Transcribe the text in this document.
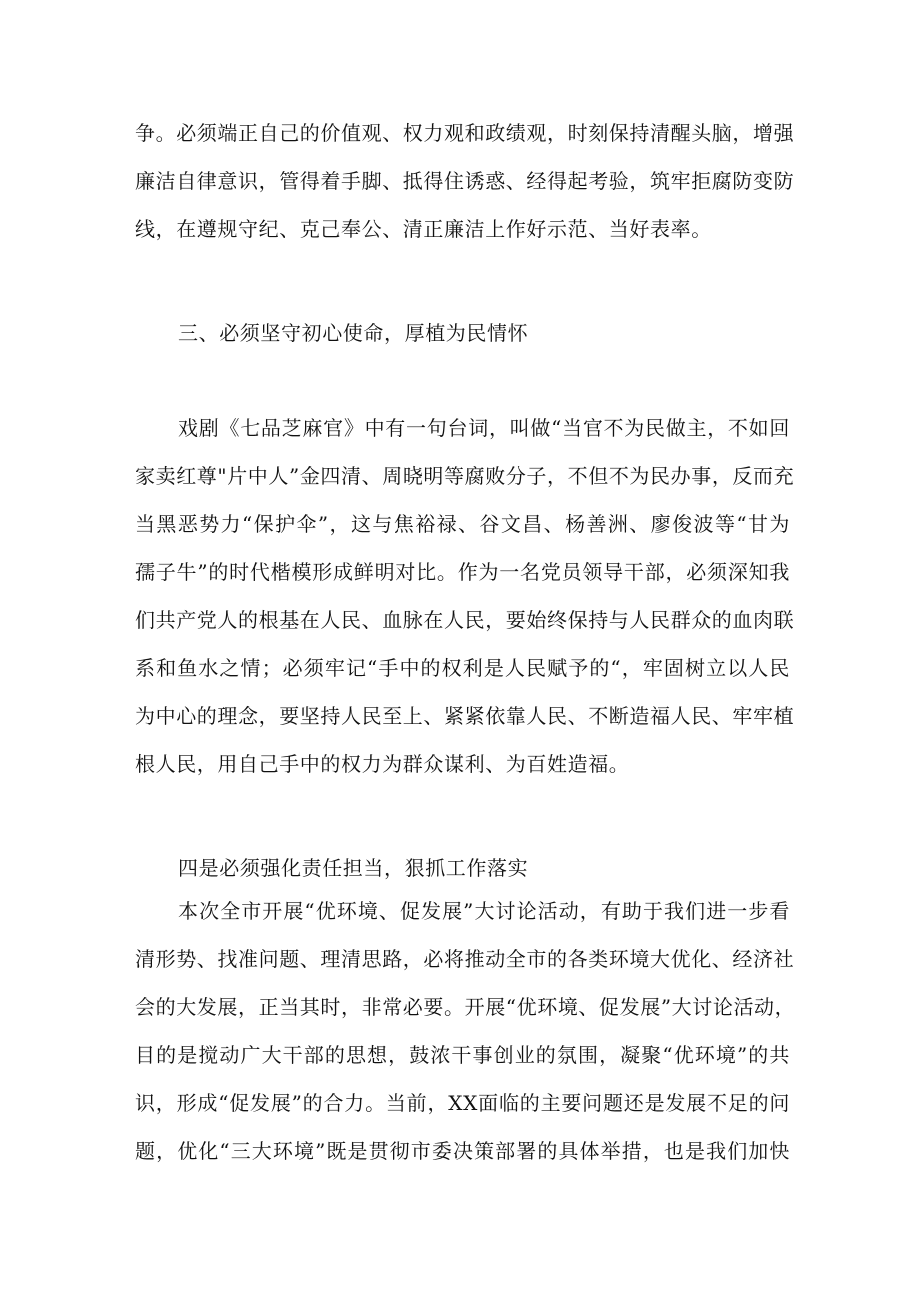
争。必须端正自己的价值观、权力观和政绩观，时刻保持清醒头脑，增强
廉洁自律意识，管得着手脚、抵得住诱惑、经得起考验，筑牢拒腐防变防
线，在遵规守纪、克己奉公、清正廉洁上作好示范、当好表率。
三、必须坚守初心使命，厚植为民情怀
戏剧《七品芝麻官》中有一句台词，叫做“当官不为民做主，不如回
家卖红尊"片中人”金四清、周晓明等腐败分子，不但不为民办事，反而充
当黑恶势力“保护伞”，这与焦裕禄、谷文昌、杨善洲、廖俊波等“甘为
孺子牛”的时代楷模形成鲜明对比。作为一名党员领导干部，必须深知我
们共产党人的根基在人民、血脉在人民，要始终保持与人民群众的血肉联
系和鱼水之情；必须牢记“手中的权利是人民赋予的“，牢固树立以人民
为中心的理念，要坚持人民至上、紧紧依靠人民、不断造福人民、牢牢植
根人民，用自己手中的权力为群众谋利、为百姓造福。
四是必须强化责任担当，狠抓工作落实
本次全市开展“优环境、促发展”大讨论活动，有助于我们进一步看
清形势、找准问题、理清思路，必将推动全市的各类环境大优化、经济社
会的大发展，正当其时，非常必要。开展“优环境、促发展”大讨论活动，
目的是搅动广大干部的思想，鼓浓干事创业的氛围，凝聚“优环境”的共
识，形成“促发展”的合力。当前，XX面临的主要问题还是发展不足的问
题，优化“三大环境”既是贯彻市委决策部署的具体举措，也是我们加快
